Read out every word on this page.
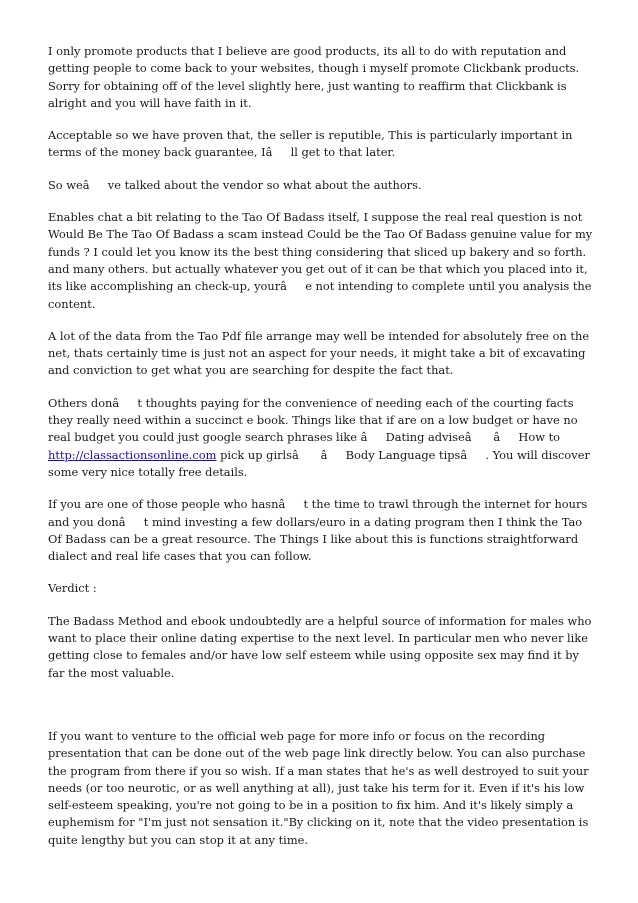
I only promote products that I believe are good products, its all to do with reputation and getting people to come back to your websites, though i myself promote Clickbank products. Sorry for obtaining off of the level slightly here, just wanting to reaffirm that Clickbank is alright and you will have faith in it.

Acceptable so we have proven that, the seller is reputible, This is particularly important in terms of the money back guarantee, Iâll get to that later.

So weâve talked about the vendor so what about the authors.

Enables chat a bit relating to the Tao Of Badass itself, I suppose the real real question is not Would Be The Tao Of Badass a scam instead Could be the Tao Of Badass genuine value for my funds ? I could let you know its the best thing considering that sliced up bakery and so forth. and many others. but actually whatever you get out of it can be that which you placed into it, its like accomplishing an check-up, yourâe not intending to complete until you analysis the content.

A lot of the data from the Tao Pdf file arrange may well be intended for absolutely free on the net, thats certainly time is just not an aspect for your needs, it might take a bit of excavating and conviction to get what you are searching for despite the fact that.

Others donât thoughts paying for the convenience of needing each of the courting facts they really need within a succinct e book. Things like that if are on a low budget or have no real budget you could just google search phrases like âDating adviseâ âHow to http://classactionsonline.com pick up girlsâ âBody Language tipsâ. You will discover some very nice totally free details.

If you are one of those people who hasnât the time to trawl through the internet for hours and you donât mind investing a few dollars/euro in a dating program then I think the Tao Of Badass can be a great resource. The Things I like about this is functions straightforward dialect and real life cases that you can follow.

Verdict :

The Badass Method and ebook undoubtedly are a helpful source of information for males who want to place their online dating expertise to the next level. In particular men who never like getting close to females and/or have low self esteem while using opposite sex may find it by far the most valuable.

If you want to venture to the official web page for more info or focus on the recording presentation that can be done out of the web page link directly below. You can also purchase the program from there if you so wish. If a man states that he's as well destroyed to suit your needs (or too neurotic, or as well anything at all), just take his term for it. Even if it's his low self-esteem speaking, you're not going to be in a position to fix him. And it's likely simply a euphemism for "I'm just not sensation it."By clicking on it, note that the video presentation is quite lengthy but you can stop it at any time.
